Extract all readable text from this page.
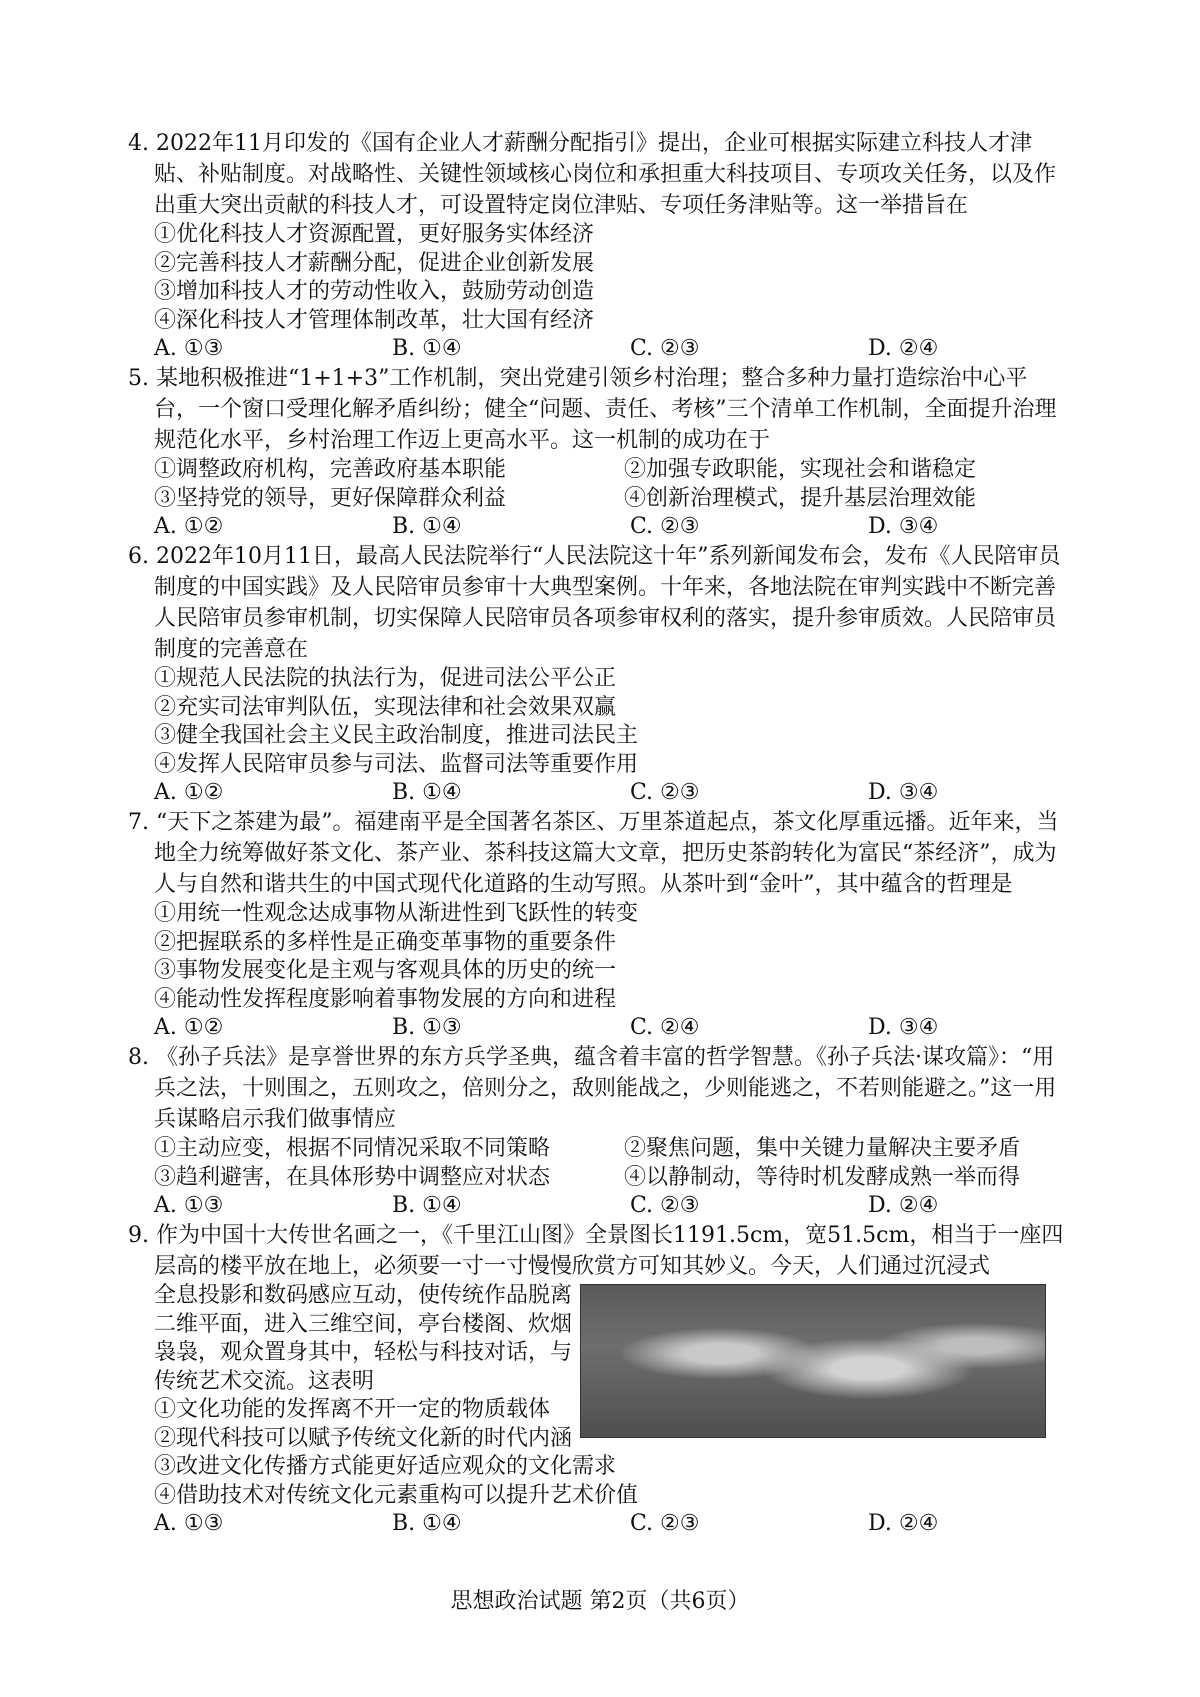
4. 2022年11月印发的《国有企业人才薪酬分配指引》提出，企业可根据实际建立科技人才津贴、补贴制度。对战略性、关键性领域核心岗位和承担重大科技项目、专项攻关任务，以及作出重大突出贡献的科技人才，可设置特定岗位津贴、专项任务津贴等。这一举措旨在

①优化科技人才资源配置，更好服务实体经济

②完善科技人才薪酬分配，促进企业创新发展

③增加科技人才的劳动性收入，鼓励劳动创造

④深化科技人才管理体制改革，壮大国有经济

A. ①③	B. ①④	C. ②③	D. ②④

5. 某地积极推进“1+1+3”工作机制，突出党建引领乡村治理；整合多种力量打造综治中心平台，一个窗口受理化解矛盾纠纷；健全“问题、责任、考核”三个清单工作机制，全面提升治理规范化水平，乡村治理工作迈上更高水平。这一机制的成功在于

①调整政府机构，完善政府基本职能	②加强专政职能，实现社会和谐稳定

③坚持党的领导，更好保障群众利益	④创新治理模式，提升基层治理效能

A. ①②	B. ①④	C. ②③	D. ③④

6. 2022年10月11日，最高人民法院举行“人民法院这十年”系列新闻发布会，发布《人民陪审员制度的中国实践》及人民陪审员参审十大典型案例。十年来，各地法院在审判实践中不断完善人民陪审员参审机制，切实保障人民陪审员各项参审权利的落实，提升参审质效。人民陪审员制度的完善意在

①规范人民法院的执法行为，促进司法公平公正

②充实司法审判队伍，实现法律和社会效果双赢

③健全我国社会主义民主政治制度，推进司法民主

④发挥人民陪审员参与司法、监督司法等重要作用

A. ①②	B. ①④	C. ②③	D. ③④

7. “天下之茶建为最”。福建南平是全国著名茶区、万里茶道起点，茶文化厚重远播。近年来，当地全力统筹做好茶文化、茶产业、茶科技这篇大文章，把历史茶韵转化为富民“茶经济”，成为人与自然和谐共生的中国式现代化道路的生动写照。从茶叶到“金叶”，其中蕴含的哲理是

①用统一性观念达成事物从渐进性到飞跃性的转变

②把握联系的多样性是正确变革事物的重要条件

③事物发展变化是主观与客观具体的历史的统一

④能动性发挥程度影响着事物发展的方向和进程

A. ①②	B. ①③	C. ②④	D. ③④

8. 《孙子兵法》是享誉世界的东方兵学圣典，蕴含着丰富的哲学智慧。《孙子兵法·谋攻篇》：“用兵之法，十则围之，五则攻之，倍则分之，敌则能战之，少则能逃之，不若则能避之。”这一用兵谋略启示我们做事情应

①主动应变，根据不同情况采取不同策略	②聚焦问题，集中关键力量解决主要矛盾

③趋利避害，在具体形势中调整应对状态	④以静制动，等待时机发酵成熟一举而得

A. ①③	B. ①④	C. ②③	D. ②④

9. 作为中国十大传世名画之一，《千里江山图》全景图长1191.5cm，宽51.5cm，相当于一座四层高的楼平放在地上，必须要一寸一寸慢慢欣赏方可知其妙义。今天，人们通过沉浸式

全息投影和数码感应互动，使传统作品脱离二维平面，进入三维空间，亭台楼阁、炊烟袅袅，观众置身其中，轻松与科技对话，与传统艺术交流。这表明

①文化功能的发挥离不开一定的物质载体

②现代科技可以赋予传统文化新的时代内涵

③改进文化传播方式能更好适应观众的文化需求

④借助技术对传统文化元素重构可以提升艺术价值

A. ①③	B. ①④	C. ②③	D. ②④
思想政治试题 第2页（共6页）
